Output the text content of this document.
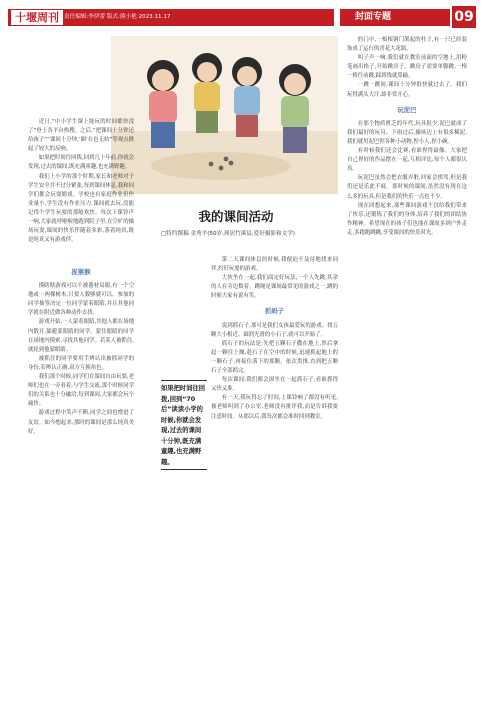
十堰周刊 责任编辑:李伊蕾 版式:熊小艳 2023.11.17	封面专题	09
我的课间活动
□特约撰稿 金秀平(50岁,现居竹溪县,爱好摄影和文学)

近日,“中小学生课上能玩的时间都快没了”登上各平台热搜。之后,“把课间十分钟还给孩子”“课间十分钟,‘圈’在也无妨”等观点掀起了较大的反响。

如果把时间往回拨,回到几十年前,你就会发现,过去的课间,既充满童趣,也充满野趣。

我们上小学的那个时期,家长和老师对于学生安全并不过分紧张,每到课间休息,我和同学们都会玩耍嬉戏。学校也有家庭作业但作业量小,学生没有作业压力,课间就去玩,没能记得个学生玩耍的那般欢快。每次下课铃声一响,大家就呼啦啦地跑到院子里,在空旷的操场玩耍,课间的快乐伴随着多彩,落着纯真,既是纯真又有游戏伴。

捉猴猴

摸瞎瞎游戏可以不被器材局限,有一个空地或一两棵树木,只要人数够就可以。参加的同学抽签决定一位同学蒙着眼睛,并且其他同学就在附近做各种动作去找。

游戏开始,一人蒙着眼睛,其他人都在场地内散开,躲避蒙眼睛的同学。蒙住眼睛的同学在场地内摸索,寻找其他同学。若某人被抓住,就轮到他蒙眼睛。

被抓住的同学要用手辨认出被抓同学的身份,若辨认正确,双方互换角色。

我们那个时候,同学们在课间自由玩耍,老师们也在一旁看着,与学生交流,那个时候同学们的关系也十分融洽,每到课间,大家都会玩个痛快。

游戏过程中笑声不断,同学之间也增进了友谊。如今想起来,那时的课间是那么纯真美好。

如果把时间往回拨,回到“70后”读读小学的时候,你就会发现,过去的课间十分钟,既充满童趣,也充满野趣。

第二天课间休息的时候,我便迫不及待地找来同伴,约好玩耍的游戏。

大伙坐在一起,我们商定好玩法,一个人先跳,其余的人在旁边数着。跳绳是课间最常见的游戏之一,跳的时候大家有说有笑。

抓蚂子

说到抓石子,那可是我们女孩最爱玩的游戏。找五颗大小相近、圆润光滑的小石子,就可以开始了。

抓石子的玩法是:先把五颗石子撒在地上,然后拿起一颗往上抛,趁石子在空中的时候,迅速抓起地上的一颗石子,再接住落下的那颗。依次类推,直到把五颗石子全部抓完。

每次课间,我们都会围坐在一起抓石子,看谁抓得又快又准。

有一天,我玩得忘了时间,上课铃响了都没有听见,被老师叫到了办公室,老师没有批评我,而是告诉我要注意时间。从那以后,我每次都会准时回到教室。

的门中,一根根钢门架起的柱子,有一只已经装饰成了运行的青花大花瓶。

叫子声一响,我们就在教室前面的空地上,用粉笔画出格子,开始跳房子。跳房子需要单脚跳,一格一格往前跳,踩到线就算输。

一跳一跳间,课间十分钟很快就过去了。我们玩得满头大汗,却非常开心。

玩泥巴

在那个物质匮乏的年代,玩具很少,泥巴就成了我们最好的玩具。下雨过后,操场边上有很多稀泥,我们就用泥巴捏各种小动物,捏小人,捏小碗。

有时候我们还会比赛,看谁捏得最像。大家把自己捏好的作品摆在一起,互相评比,每个人都很认真。

玩泥巴虽然会把衣服弄脏,回家会挨骂,但是我们还是乐此不疲。那时候的课间,虽然没有现在这么多的玩具,但是我们的快乐一点也不少。

现在回想起来,那些课间游戏不仅给我们带来了快乐,还锻炼了我们的身体,培养了我们的团结协作精神。希望现在的孩子们也能在课间多到户外走走,多跑跑跳跳,享受课间的快乐时光。
